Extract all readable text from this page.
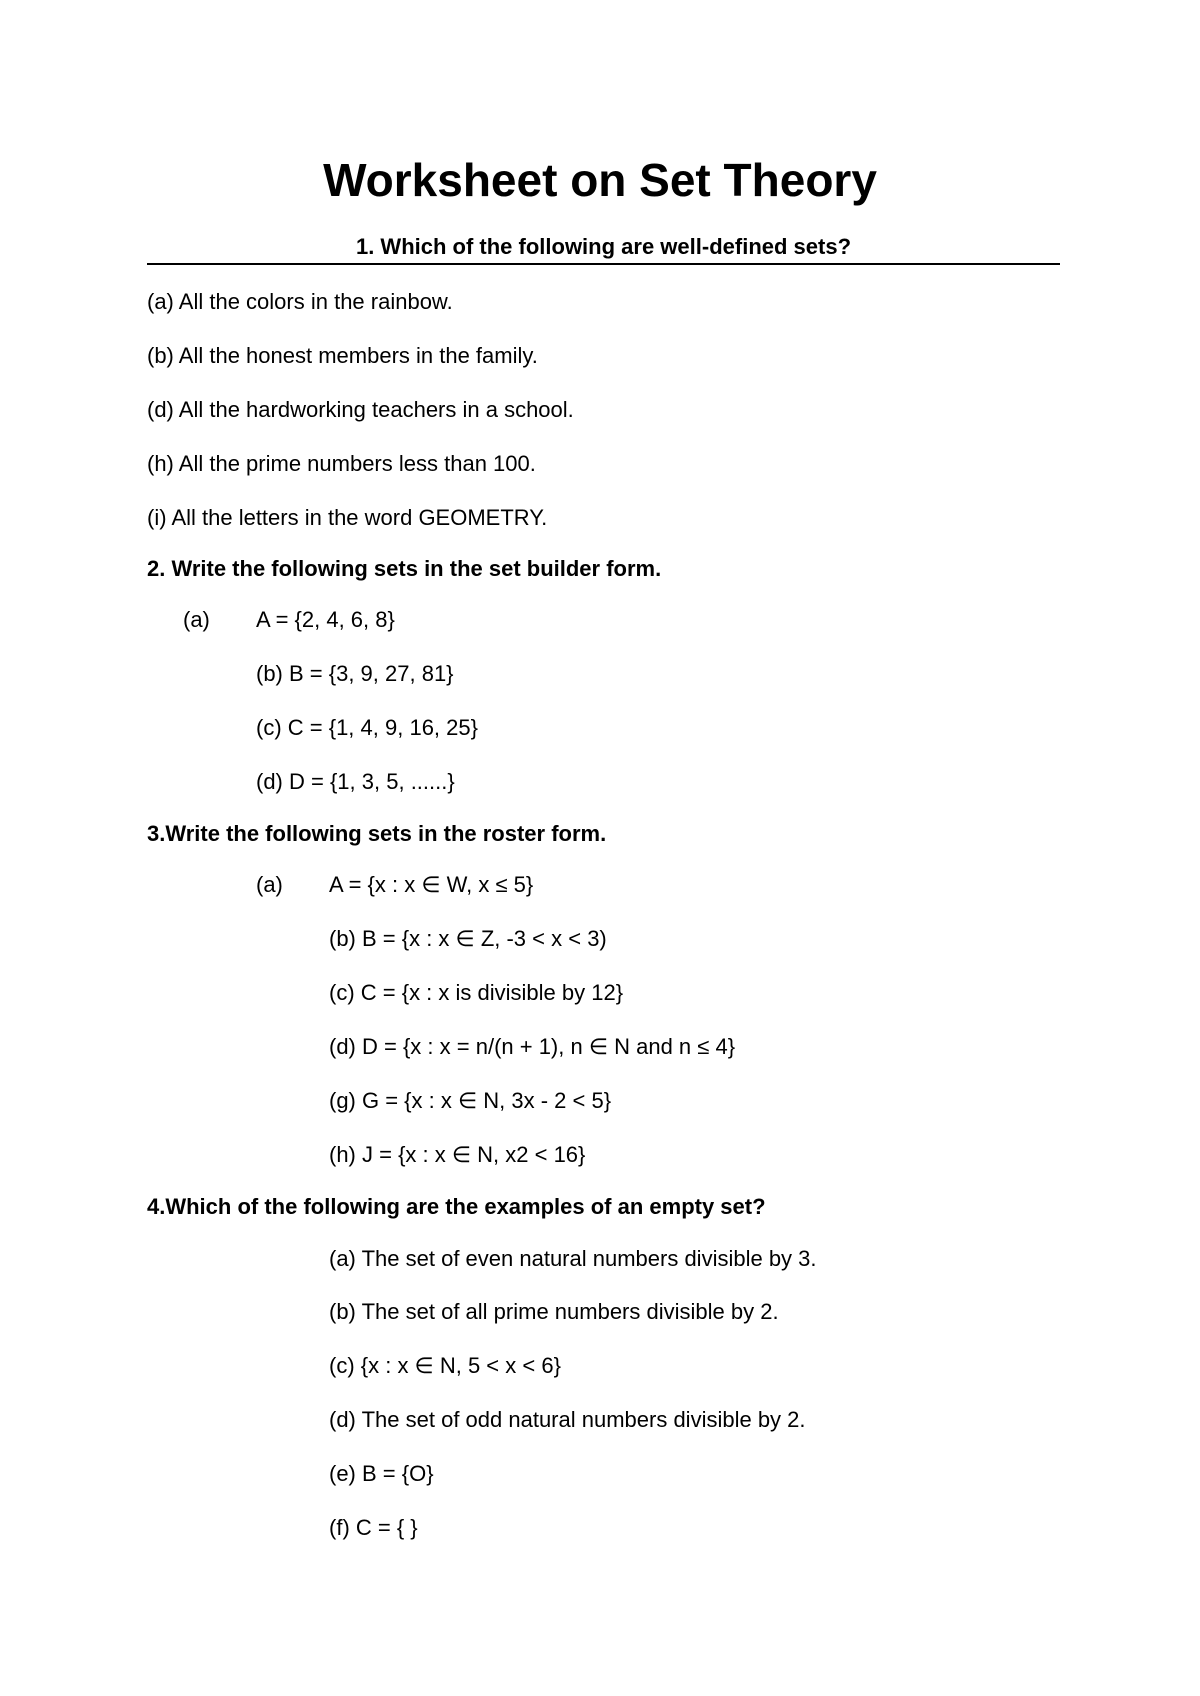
Worksheet on Set Theory
1. Which of the following are well-defined sets?
(a) All the colors in the rainbow.
(b) All the honest members in the family.
(d) All the hardworking teachers in a school.
(h) All the prime numbers less than 100.
(i) All the letters in the word GEOMETRY.
2. Write the following sets in the set builder form.
(a) A = {2, 4, 6, 8}
(b) B = {3, 9, 27, 81}
(c) C = {1, 4, 9, 16, 25}
(d) D = {1, 3, 5, ......}
3.Write the following sets in the roster form.
(a) A = {x : x ∈ W, x ≤ 5}
(b) B = {x : x ∈ Z, -3 < x < 3)
(c) C = {x : x is divisible by 12}
(d) D = {x : x = n/(n + 1), n ∈ N and n ≤ 4}
(g) G = {x : x ∈ N, 3x - 2 < 5}
(h) J = {x : x ∈ N, x2 < 16}
4.Which of the following are the examples of an empty set?
(a) The set of even natural numbers divisible by 3.
(b) The set of all prime numbers divisible by 2.
(c) {x : x ∈ N, 5 < x < 6}
(d) The set of odd natural numbers divisible by 2.
(e) B = {O}
(f) C = { }
